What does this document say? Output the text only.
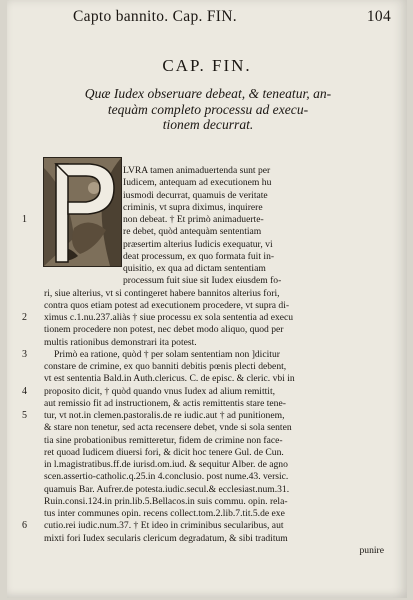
Capto bannito. Cap. FIN.	104
CAP. FIN.
Quæ Iudex obseruare debeat, & teneatur, an-
tequàm completo processu ad execu-
tionem decurrat.
LVRA tamen animaduertenda sunt per
Iudicem, antequam ad executionem hu
iusmodi decurrat, quamuis de veritate
criminis, vt supra diximus, inquirere
1	non debeat. † Et primò animaduerte-
re debet, quòd antequàm sententiam
præsertim alterius Iudicis exequatur, vi
deat processum, ex quo formata fuit in-
quisitio, ex qua ad dictam sententiam
processum fuit siue sit Iudex eiusdem fo-
ri, siue alterius, vt si contingeret habere bannitos alterius fori,
contra quos etiam potest ad executionem procedere, vt supra di-
2 ximus c.1.nu.237.aliàs † siue processu ex sola sententia ad execu
tionem procedere non potest, nec debet modo aliquo, quod per
multis rationibus demonstrari ita potest.
3	Primò ea ratione, quòd † per solam sententiam non ]dicitur
constare de crimine, ex quo banniti debitis pœnis plecti debent,
vt est sententia Bald.in Auth.clericus. C. de episc. & cleric. vbi in
4 proposito dicit, † quòd quando vnus Iudex ad alium remittit,
aut remissio fit ad instructionem, & actis remittentis stare tene-
5 tur, vt not.in clemen.pastoralis.de re iudic.aut † ad punitionem,
& stare non tenetur, sed acta recensere debet, vnde si sola senten
tia sine probationibus remitteretur, fidem de crimine non face-
ret quoad Iudicem diuersi fori, & dicit hoc tenere Gul. de Cun.
in l.magistratibus.ff.de iurisd.om.iud. & sequitur Alber. de agno
scen.assertio-catholic.q.25.in 4.conclusio. post nume.43. versic.
quamuis Bar. Aufrer.de potesta.iudic.secul.& ecclesiast.num.31.
Ruin.consi.124.in prin.lib.5.Bellacos.in suis commu. opin. rela-
tus inter communes opin. recens collect.tom.2.lib.7.tit.5.de exe
6 cutio.rei iudic.num.37. † Et ideo in criminibus secularibus, aut
mixti fori Iudex secularis clericum degradatum, & sibi traditum
punire
